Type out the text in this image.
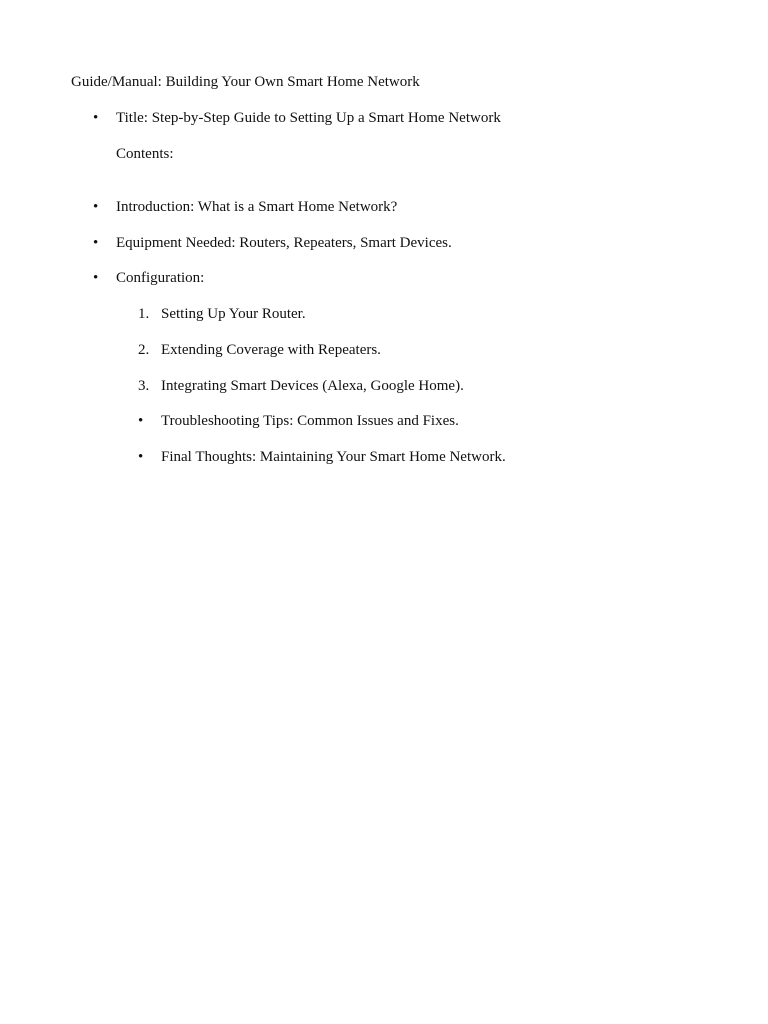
Guide/Manual: Building Your Own Smart Home Network
• Title: Step-by-Step Guide to Setting Up a Smart Home Network
Contents:
• Introduction: What is a Smart Home Network?
• Equipment Needed: Routers, Repeaters, Smart Devices.
• Configuration:
1. Setting Up Your Router.
2. Extending Coverage with Repeaters.
3. Integrating Smart Devices (Alexa, Google Home).
• Troubleshooting Tips: Common Issues and Fixes.
• Final Thoughts: Maintaining Your Smart Home Network.
